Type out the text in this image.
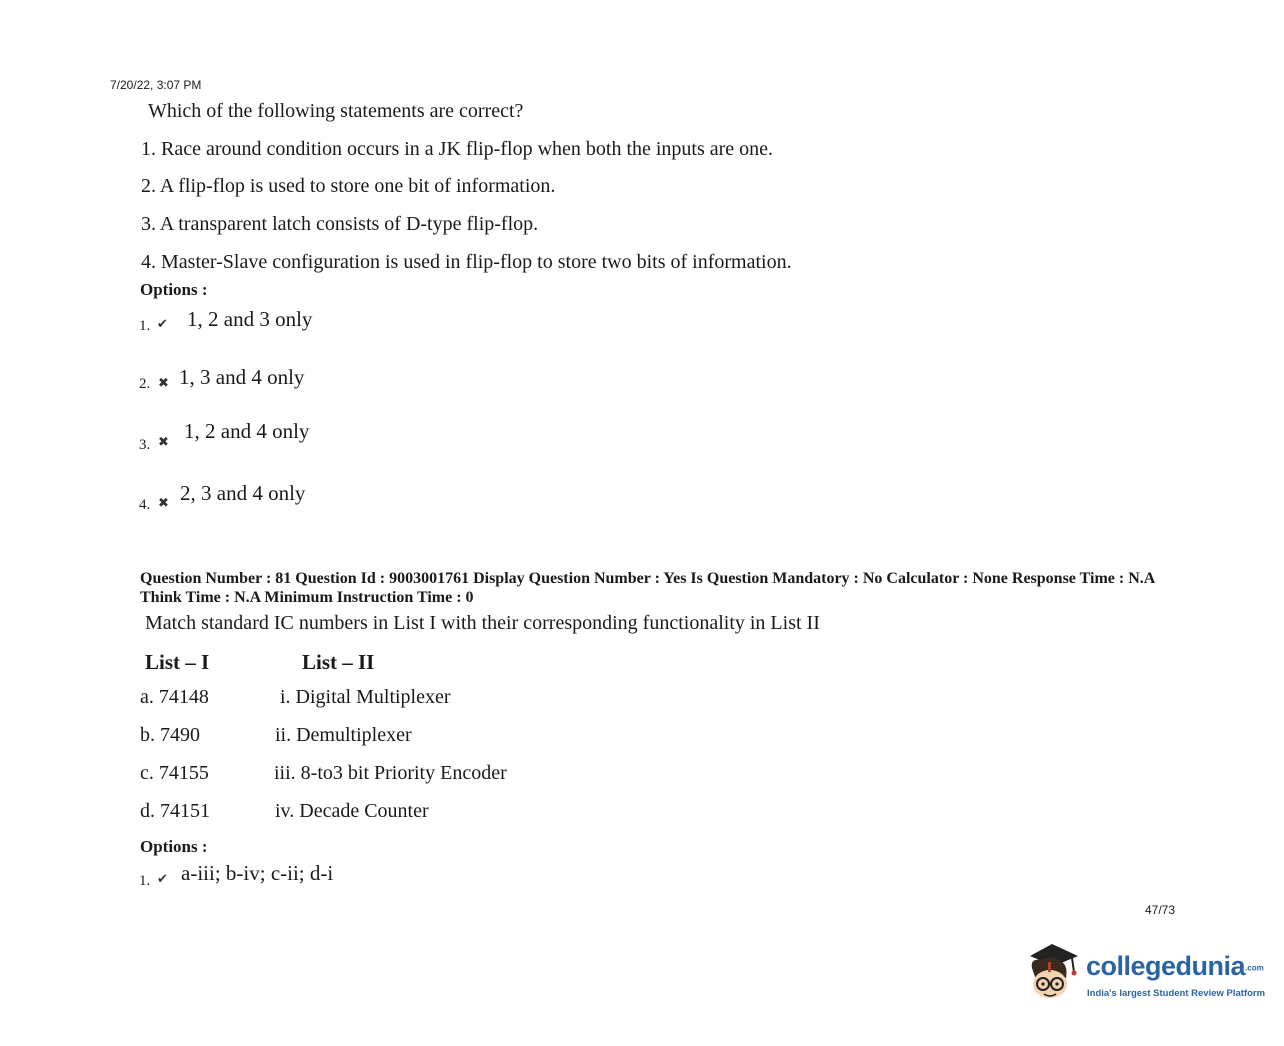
7/20/22, 3:07 PM
Which of the following statements are correct?
1. Race around condition occurs in a JK flip-flop when both the inputs are one.
2. A flip-flop is used to store one bit of information.
3. A transparent latch consists of D-type flip-flop.
4. Master-Slave configuration is used in flip-flop to store two bits of information.
Options :
1. ✔ 1, 2 and 3 only
2. ✖ 1, 3 and 4 only
3. ✖ 1, 2 and 4 only
4. ✖ 2, 3 and 4 only
Question Number : 81 Question Id : 9003001761 Display Question Number : Yes Is Question Mandatory : No Calculator : None Response Time : N.A Think Time : N.A Minimum Instruction Time : 0
Match standard IC numbers in List I with their corresponding functionality in List II
List – I	List – II
a. 74148	i. Digital Multiplexer
b. 7490	ii. Demultiplexer
c. 74155	iii. 8-to3 bit Priority Encoder
d. 74151	iv. Decade Counter
Options :
1. ✔ a-iii; b-iv; c-ii; d-i
47/73
collegedunia.com
India's largest Student Review Platform
